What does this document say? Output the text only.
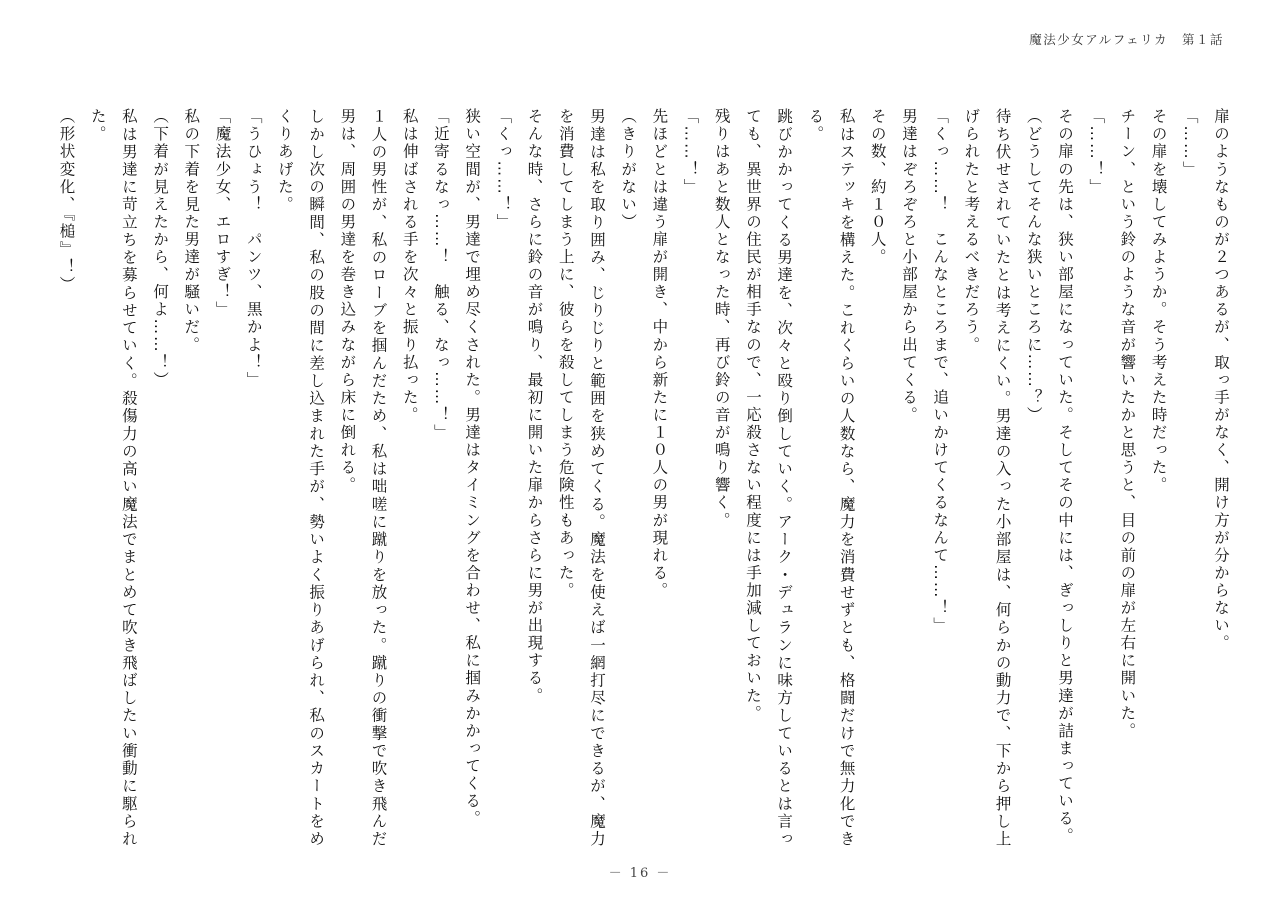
魔法少女アルフェリカ 第１話

扉のようなものが２つあるが、取っ手がなく、開け方が分からない。

「……」

その扉を壊してみようか。そう考えた時だった。

チーン、という鈴のような音が響いたかと思うと、目の前の扉が左右に開いた。

「……！」

その扉の先は、狭い部屋になっていた。そしてその中には、ぎっしりと男達が詰まっている。

（どうしてそんな狭いところに……？）

待ち伏せされていたとは考えにくい。男達の入った小部屋は、何らかの動力で、下から押し上げられたと考えるべきだろう。

「くっ……！　こんなところまで、追いかけてくるなんて……！」

男達はぞろぞろと小部屋から出てくる。

その数、約１０人。

私はステッキを構えた。これくらいの人数なら、魔力を消費せずとも、格闘だけで無力化できる。

跳びかかってくる男達を、次々と殴り倒していく。アーク・デュランに味方しているとは言っても、異世界の住民が相手なので、一応殺さない程度には手加減しておいた。

残りはあと数人となった時、再び鈴の音が鳴り響く。

「……！」

先ほどとは違う扉が開き、中から新たに１０人の男が現れる。

（きりがない）

男達は私を取り囲み、じりじりと範囲を狭めてくる。魔法を使えば一網打尽にできるが、魔力を消費してしまう上に、彼らを殺してしまう危険性もあった。

そんな時、さらに鈴の音が鳴り、最初に開いた扉からさらに男が出現する。

「くっ……！」

狭い空間が、男達で埋め尽くされた。男達はタイミングを合わせ、私に掴みかかってくる。

「近寄るなっ……！　触る、なっ……！」

私は伸ばされる手を次々と振り払った。

１人の男性が、私のローブを掴んだため、私は咄嗟に蹴りを放った。蹴りの衝撃で吹き飛んだ男は、周囲の男達を巻き込みながら床に倒れる。

しかし次の瞬間、私の股の間に差し込まれた手が、勢いよく振りあげられ、私のスカートをめくりあげた。

「うひょう！　パンツ、黒かよ！」

「魔法少女、エロすぎ！」

私の下着を見た男達が騒いだ。

（下着が見えたから、何よ……！）

私は男達に苛立ちを募らせていく。殺傷力の高い魔法でまとめて吹き飛ばしたい衝動に駆られた。

（形状変化、『槌』！）

－ 16 －
